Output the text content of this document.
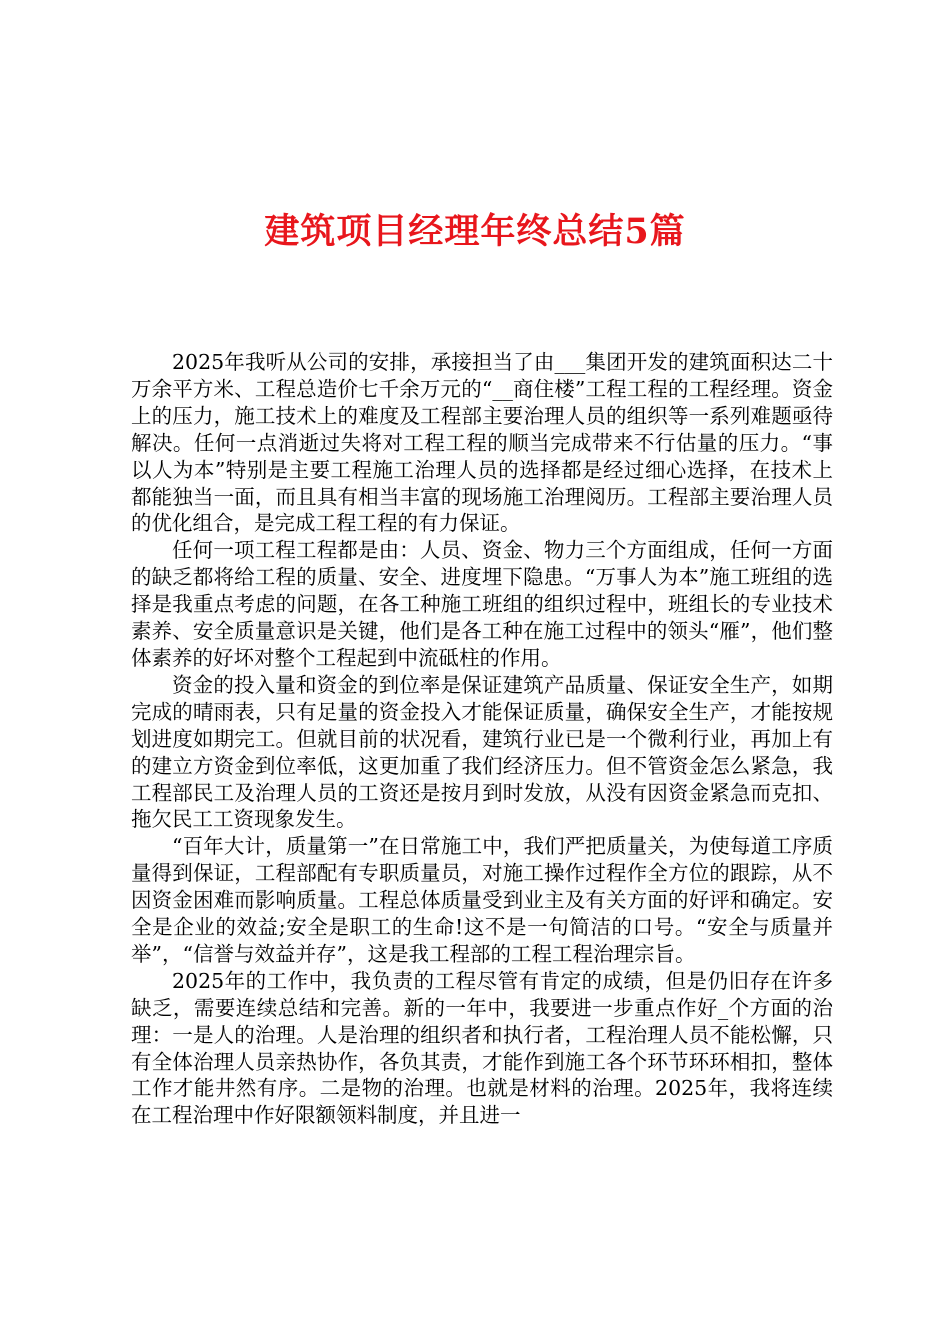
建筑项目经理年终总结5篇

2025年我听从公司的安排，承接担当了由___集团开发的建筑面积达二十万余平方米、工程总造价七千余万元的“__商住楼”工程工程的工程经理。资金上的压力，施工技术上的难度及工程部主要治理人员的组织等一系列难题亟待解决。任何一点消逝过失将对工程工程的顺当完成带来不行估量的压力。“事以人为本”特别是主要工程施工治理人员的选择都是经过细心选择，在技术上都能独当一面，而且具有相当丰富的现场施工治理阅历。工程部主要治理人员的优化组合，是完成工程工程的有力保证。

任何一项工程工程都是由：人员、资金、物力三个方面组成，任何一方面的缺乏都将给工程的质量、安全、进度埋下隐患。“万事人为本”施工班组的选择是我重点考虑的问题，在各工种施工班组的组织过程中，班组长的专业技术素养、安全质量意识是关键，他们是各工种在施工过程中的领头“雁”，他们整体素养的好坏对整个工程起到中流砥柱的作用。

资金的投入量和资金的到位率是保证建筑产品质量、保证安全生产，如期完成的晴雨表，只有足量的资金投入才能保证质量，确保安全生产，才能按规划进度如期完工。但就目前的状况看，建筑行业已是一个微利行业，再加上有的建立方资金到位率低，这更加重了我们经济压力。但不管资金怎么紧急，我工程部民工及治理人员的工资还是按月到时发放，从没有因资金紧急而克扣、拖欠民工工资现象发生。

“百年大计，质量第一”在日常施工中，我们严把质量关，为使每道工序质量得到保证，工程部配有专职质量员，对施工操作过程作全方位的跟踪，从不因资金困难而影响质量。工程总体质量受到业主及有关方面的好评和确定。安全是企业的效益;安全是职工的生命!这不是一句简洁的口号。“安全与质量并举”，“信誉与效益并存”，这是我工程部的工程工程治理宗旨。

2025年的工作中，我负责的工程尽管有肯定的成绩，但是仍旧存在许多缺乏，需要连续总结和完善。新的一年中，我要进一步重点作好_个方面的治理：一是人的治理。人是治理的组织者和执行者，工程治理人员不能松懈，只有全体治理人员亲热协作，各负其责，才能作到施工各个环节环环相扣，整体工作才能井然有序。二是物的治理。也就是材料的治理。2025年，我将连续在工程治理中作好限额领料制度，并且进一
